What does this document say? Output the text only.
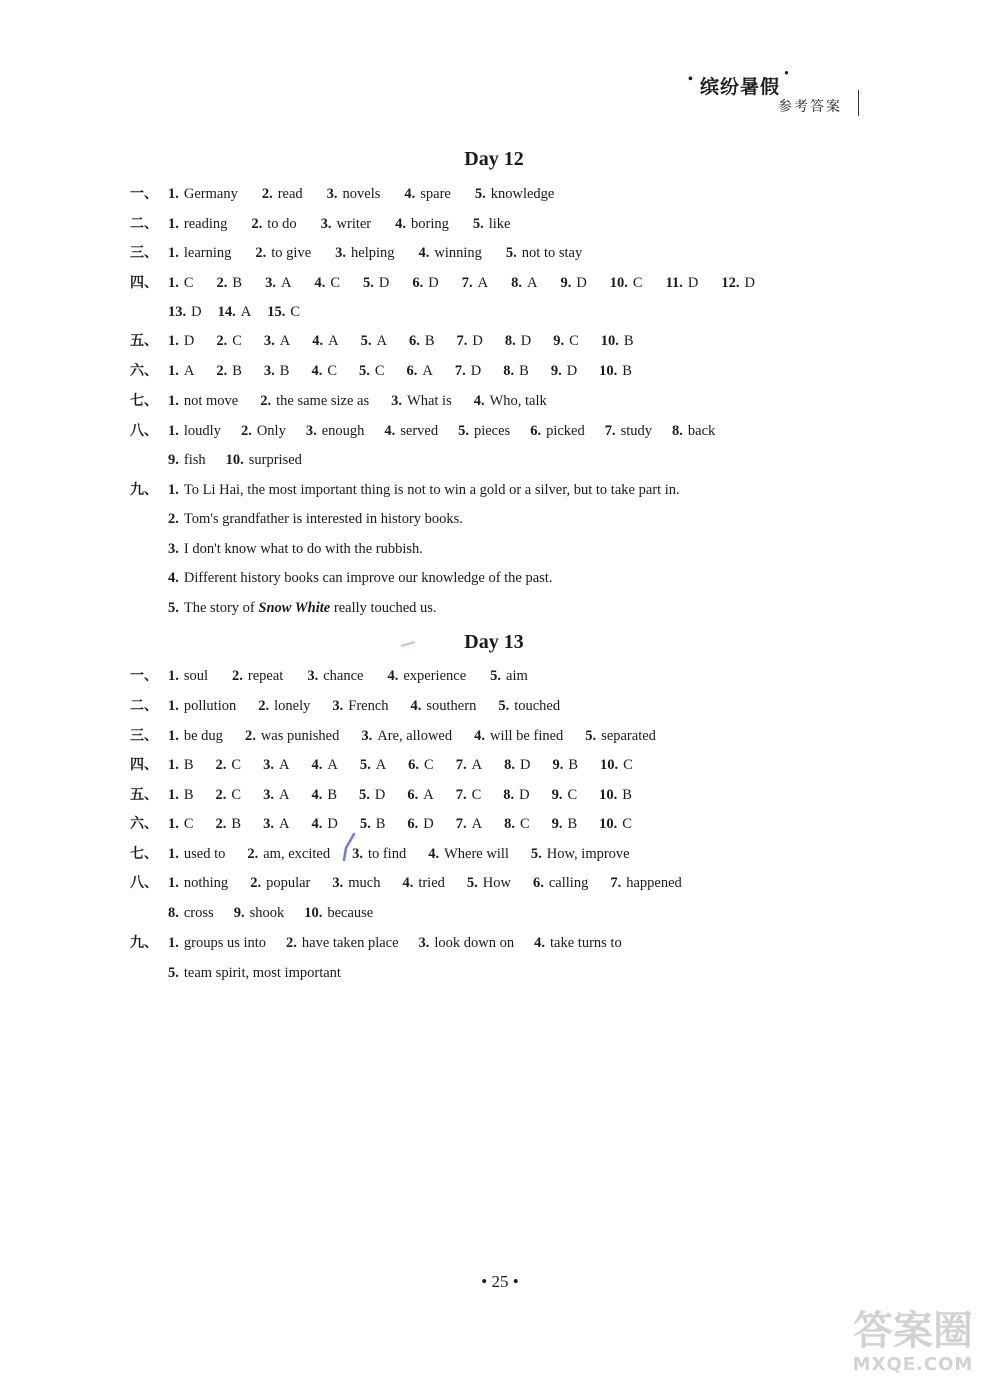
• 缤纷暑假 ●
参考答案
Day 12
一、 1. Germany 2. read 3. novels 4. spare 5. knowledge
二、 1. reading 2. to do 3. writer 4. boring 5. like
三、 1. learning 2. to give 3. helping 4. winning 5. not to stay
四、 1. C 2. B 3. A 4. C 5. D 6. D 7. A 8. A 9. D 10. C 11. D 12. D
13. D 14. A 15. C
五、 1. D 2. C 3. A 4. A 5. A 6. B 7. D 8. D 9. C 10. B
六、 1. A 2. B 3. B 4. C 5. C 6. A 7. D 8. B 9. D 10. B
七、 1. not move 2. the same size as 3. What is 4. Who, talk
八、 1. loudly 2. Only 3. enough 4. served 5. pieces 6. picked 7. study 8. back
9. fish 10. surprised
九、 1. To Li Hai, the most important thing is not to win a gold or a silver, but to take part in.
2. Tom's grandfather is interested in history books.
3. I don't know what to do with the rubbish.
4. Different history books can improve our knowledge of the past.
5. The story of Snow White really touched us.
Day 13
一、 1. soul 2. repeat 3. chance 4. experience 5. aim
二、 1. pollution 2. lonely 3. French 4. southern 5. touched
三、 1. be dug 2. was punished 3. Are, allowed 4. will be fined 5. separated
四、 1. B 2. C 3. A 4. A 5. A 6. C 7. A 8. D 9. B 10. C
五、 1. B 2. C 3. A 4. B 5. D 6. A 7. C 8. D 9. C 10. B
六、 1. C 2. B 3. A 4. D 5. B 6. D 7. A 8. C 9. B 10. C
七、 1. used to 2. am, excited 3. to find 4. Where will 5. How, improve
八、 1. nothing 2. popular 3. much 4. tried 5. How 6. calling 7. happened
8. cross 9. shook 10. because
九、 1. groups us into 2. have taken place 3. look down on 4. take turns to
5. team spirit, most important
• 25 •
答案圈
MXQE.COM
